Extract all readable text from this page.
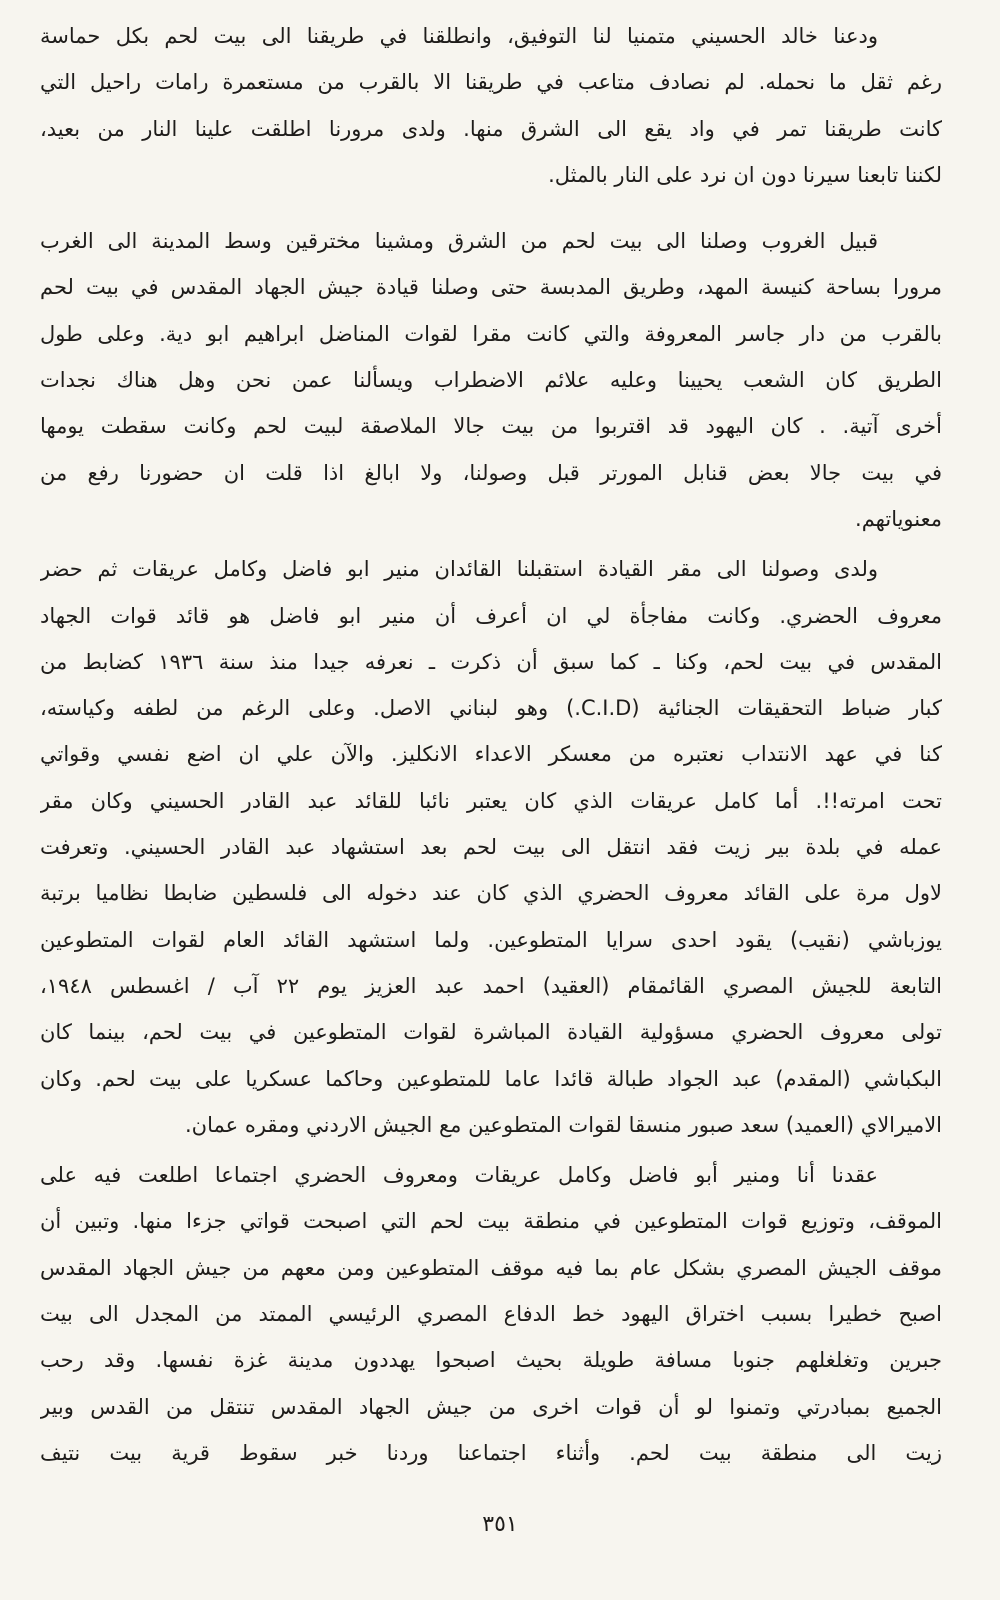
ودعنا خالد الحسيني متمنيا لنا التوفيق، وانطلقنا في طريقنا الى بيت لحم بكل حماسة
رغم ثقل ما نحمله. لم نصادف متاعب في طريقنا الا بالقرب من مستعمرة رامات راحيل التي
كانت طريقنا تمر في واد يقع الى الشرق منها. ولدى مرورنا اطلقت علينا النار من بعيد،
لكننا تابعنا سيرنا دون ان نرد على النار بالمثل.
قبيل الغروب وصلنا الى بيت لحم من الشرق ومشينا مخترقين وسط المدينة الى الغرب
مرورا بساحة كنيسة المهد، وطريق المدبسة حتى وصلنا قيادة جيش الجهاد المقدس في بيت لحم
بالقرب من دار جاسر المعروفة والتي كانت مقرا لقوات المناضل ابراهيم ابو دية. وعلى طول
الطريق كان الشعب يحيينا وعليه علائم الاضطراب ويسألنا عمن نحن وهل هناك نجدات
أخرى آتية. . كان اليهود قد اقتربوا من بيت جالا الملاصقة لبيت لحم وكانت سقطت يومها
في بيت جالا بعض قنابل المورتر قبل وصولنا، ولا ابالغ اذا قلت ان حضورنا رفع من
معنوياتهم.
ولدى وصولنا الى مقر القيادة استقبلنا القائدان منير ابو فاضل وكامل عريقات ثم حضر
معروف الحضري. وكانت مفاجأة لي ان أعرف أن منير ابو فاضل هو قائد قوات الجهاد
المقدس في بيت لحم، وكنا ـ كما سبق أن ذكرت ـ نعرفه جيدا منذ سنة ١٩٣٦ كضابط من
كبار ضباط التحقيقات الجنائية (C.I.D.) وهو لبناني الاصل. وعلى الرغم من لطفه وكياسته،
كنا في عهد الانتداب نعتبره من معسكر الاعداء الانكليز. والآن علي ان اضع نفسي وقواتي
تحت امرته!!. أما كامل عريقات الذي كان يعتبر نائبا للقائد عبد القادر الحسيني وكان مقر
عمله في بلدة بير زيت فقد انتقل الى بيت لحم بعد استشهاد عبد القادر الحسيني. وتعرفت
لاول مرة على القائد معروف الحضري الذي كان عند دخوله الى فلسطين ضابطا نظاميا برتبة
يوزباشي (نقيب) يقود احدى سرايا المتطوعين. ولما استشهد القائد العام لقوات المتطوعين
التابعة للجيش المصري القائمقام (العقيد) احمد عبد العزيز يوم ٢٢ آب / اغسطس ١٩٤٨،
تولى معروف الحضري مسؤولية القيادة المباشرة لقوات المتطوعين في بيت لحم، بينما كان
البكباشي (المقدم) عبد الجواد طبالة قائدا عاما للمتطوعين وحاكما عسكريا على بيت لحم. وكان
الاميرالاي (العميد) سعد صبور منسقا لقوات المتطوعين مع الجيش الاردني ومقره عمان.
عقدنا أنا ومنير أبو فاضل وكامل عريقات ومعروف الحضري اجتماعا اطلعت فيه على
الموقف، وتوزيع قوات المتطوعين في منطقة بيت لحم التي اصبحت قواتي جزءا منها. وتبين أن
موقف الجيش المصري بشكل عام بما فيه موقف المتطوعين ومن معهم من جيش الجهاد المقدس
اصبح خطيرا بسبب اختراق اليهود خط الدفاع المصري الرئيسي الممتد من المجدل الى بيت
جبرين وتغلغلهم جنوبا مسافة طويلة بحيث اصبحوا يهددون مدينة غزة نفسها. وقد رحب
الجميع بمبادرتي وتمنوا لو أن قوات اخرى من جيش الجهاد المقدس تنتقل من القدس وبير
زيت الى منطقة بيت لحم. وأثناء اجتماعنا وردنا خبر سقوط قرية بيت نتيف
٣٥١
